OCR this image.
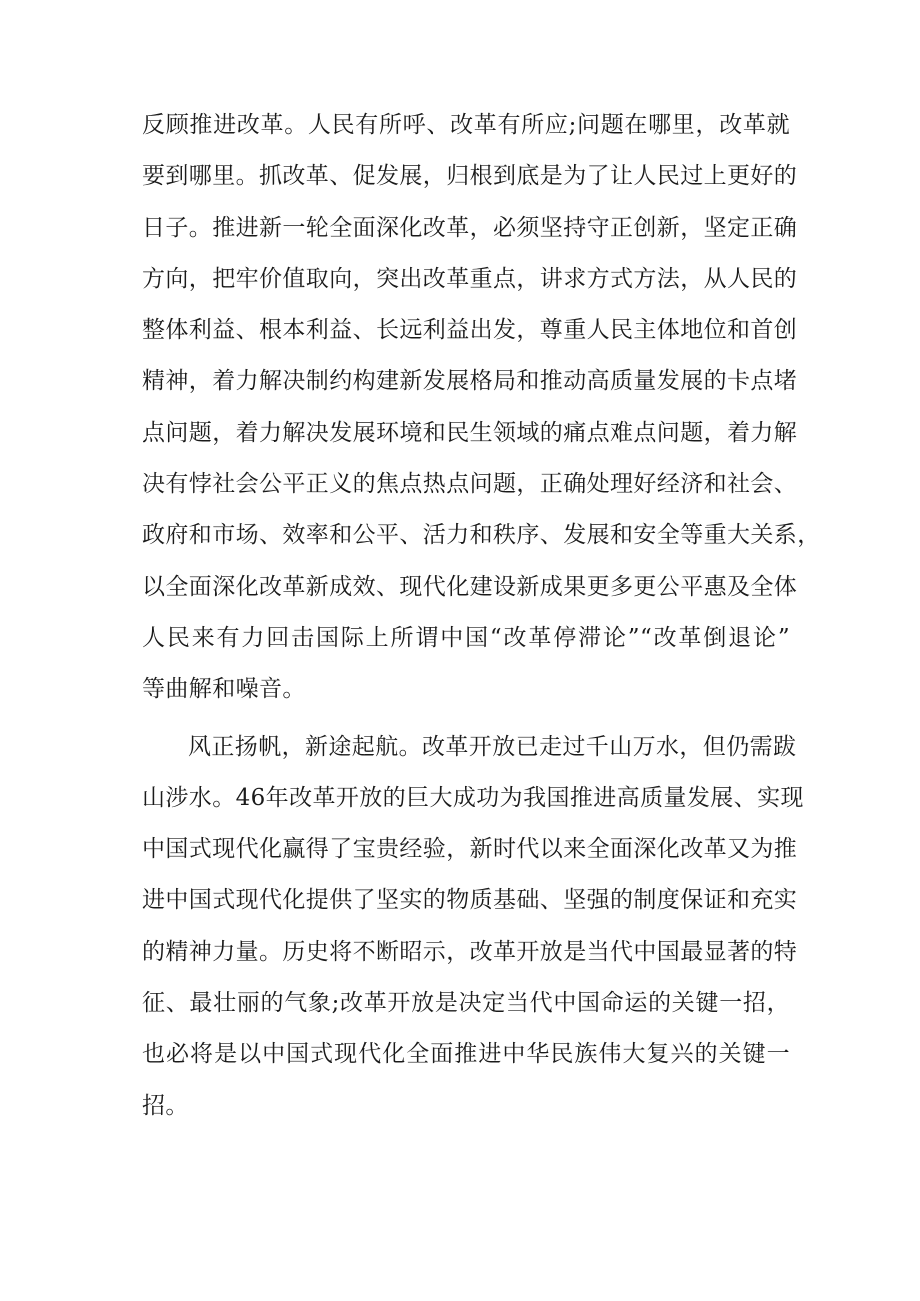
反顾推进改革。人民有所呼、改革有所应;问题在哪里，改革就
要到哪里。抓改革、促发展，归根到底是为了让人民过上更好的
日子。推进新一轮全面深化改革，必须坚持守正创新，坚定正确
方向，把牢价值取向，突出改革重点，讲求方式方法，从人民的
整体利益、根本利益、长远利益出发，尊重人民主体地位和首创
精神，着力解决制约构建新发展格局和推动高质量发展的卡点堵
点问题，着力解决发展环境和民生领域的痛点难点问题，着力解
决有悖社会公平正义的焦点热点问题，正确处理好经济和社会、
政府和市场、效率和公平、活力和秩序、发展和安全等重大关系，
以全面深化改革新成效、现代化建设新成果更多更公平惠及全体
人民来有力回击国际上所谓中国“改革停滞论”“改革倒退论”
等曲解和噪音。
风正扬帆，新途起航。改革开放已走过千山万水，但仍需跋
山涉水。46年改革开放的巨大成功为我国推进高质量发展、实现
中国式现代化赢得了宝贵经验，新时代以来全面深化改革又为推
进中国式现代化提供了坚实的物质基础、坚强的制度保证和充实
的精神力量。历史将不断昭示，改革开放是当代中国最显著的特
征、最壮丽的气象;改革开放是决定当代中国命运的关键一招，
也必将是以中国式现代化全面推进中华民族伟大复兴的关键一
招。
